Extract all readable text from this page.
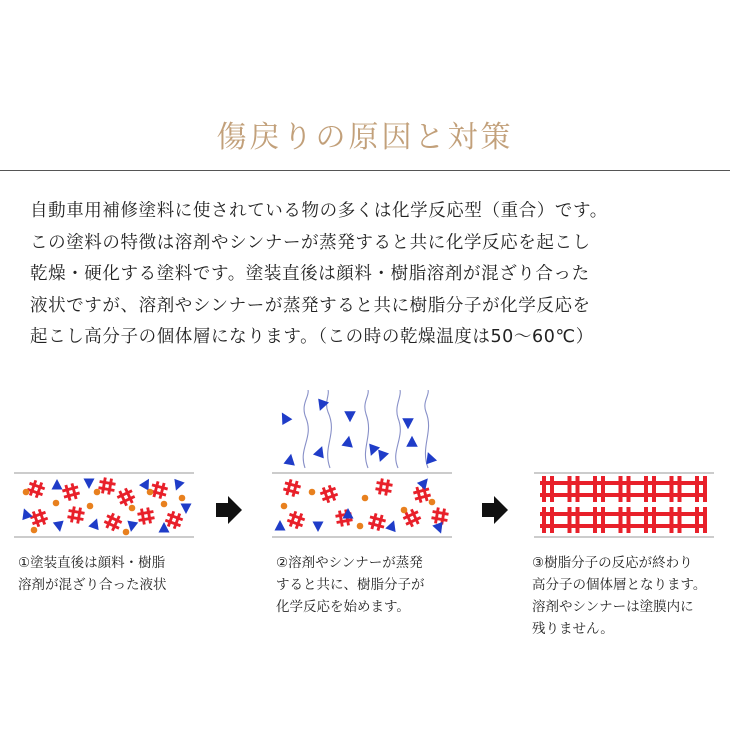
傷戻りの原因と対策
自動車用補修塗料に使されている物の多くは化学反応型（重合）です。
この塗料の特徴は溶剤やシンナーが蒸発すると共に化学反応を起こし
乾燥・硬化する塗料です。塗装直後は顔料・樹脂溶剤が混ざり合った
液状ですが、溶剤やシンナーが蒸発すると共に樹脂分子が化学反応を
起こし高分子の個体層になります。（この時の乾燥温度は50～60℃）
①塗装直後は顔料・樹脂
溶剤が混ざり合った液状
②溶剤やシンナーが蒸発
すると共に、樹脂分子が
化学反応を始めます。
③樹脂分子の反応が終わり
高分子の個体層となります。
溶剤やシンナーは塗膜内に
残りません。
